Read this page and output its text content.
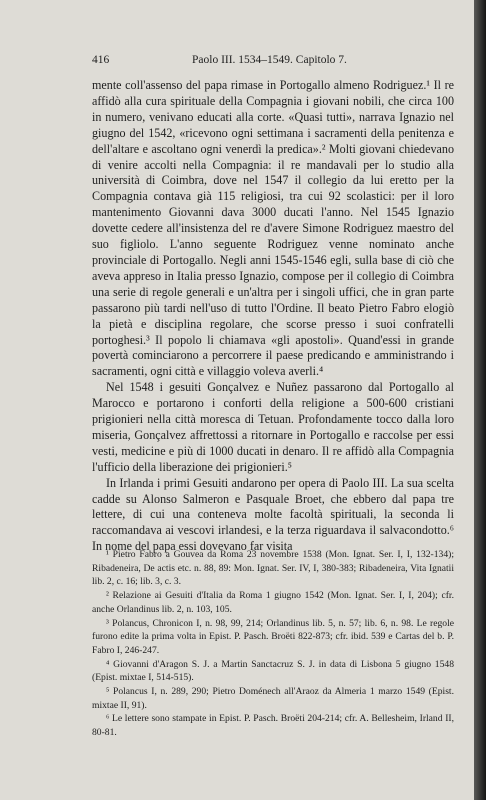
416	Paolo III. 1534–1549. Capitolo 7.

mente coll'assenso del papa rimase in Portogallo almeno Rodriguez.¹ Il re affidò alla cura spirituale della Compagnia i giovani nobili, che circa 100 in numero, venivano educati alla corte. «Quasi tutti», narrava Ignazio nel giugno del 1542, «ricevono ogni settimana i sacramenti della penitenza e dell'altare e ascoltano ogni venerdì la predica».² Molti giovani chiedevano di venire accolti nella Compagnia: il re mandavali per lo studio alla università di Coimbra, dove nel 1547 il collegio da lui eretto per la Compagnia contava già 115 religiosi, tra cui 92 scolastici: per il loro mantenimento Giovanni dava 3000 ducati l'anno. Nel 1545 Ignazio dovette cedere all'insistenza del re d'avere Simone Rodriguez maestro del suo figliolo. L'anno seguente Rodriguez venne nominato anche provinciale di Portogallo. Negli anni 1545-1546 egli, sulla base di ciò che aveva appreso in Italia presso Ignazio, compose per il collegio di Coimbra una serie di regole generali e un'altra per i singoli uffici, che in gran parte passarono più tardi nell'uso di tutto l'Ordine. Il beato Pietro Fabro elogiò la pietà e disciplina regolare, che scorse presso i suoi confratelli portoghesi.³ Il popolo li chiamava «gli apostoli». Quand'essi in grande povertà cominciarono a percorrere il paese predicando e amministrando i sacramenti, ogni città e villaggio voleva averli.⁴

Nel 1548 i gesuiti Gonçalvez e Nuñez passarono dal Portogallo al Marocco e portarono i conforti della religione a 500-600 cristiani prigionieri nella città moresca di Tetuan. Profondamente tocco dalla loro miseria, Gonçalvez affrettossi a ritornare in Portogallo e raccolse per essi vesti, medicine e più di 1000 ducati in denaro. Il re affidò alla Compagnia l'ufficio della liberazione dei prigionieri.⁵

In Irlanda i primi Gesuiti andarono per opera di Paolo III. La sua scelta cadde su Alonso Salmeron e Pasquale Broet, che ebbero dal papa tre lettere, di cui una conteneva molte facoltà spirituali, la seconda li raccomandava ai vescovi irlandesi, e la terza riguardava il salvacondotto.⁶ In nome del papa essi dovevano far visita

¹ Pietro Fabro a Gouvea da Roma 23 novembre 1538 (Mon. Ignat. Ser. I, I, 132-134); Ribadeneira, De actis etc. n. 88, 89: Mon. Ignat. Ser. IV, I, 380-383; Ribadeneira, Vita Ignatii lib. 2, c. 16; lib. 3, c. 3.

² Relazione ai Gesuiti d'Italia da Roma 1 giugno 1542 (Mon. Ignat. Ser. I, I, 204); cfr. anche Orlandinus lib. 2, n. 103, 105.

³ Polancus, Chronicon I, n. 98, 99, 214; Orlandinus lib. 5, n. 57; lib. 6, n. 98. Le regole furono edite la prima volta in Epist. P. Pasch. Broëti 822-873; cfr. ibid. 539 e Cartas del b. P. Fabro I, 246-247.

⁴ Giovanni d'Aragon S. J. a Martin Sanctacruz S. J. in data di Lisbona 5 giugno 1548 (Epist. mixtae I, 514-515).

⁵ Polancus I, n. 289, 290; Pietro Doménech all'Araoz da Almeria 1 marzo 1549 (Epist. mixtae II, 91).

⁶ Le lettere sono stampate in Epist. P. Pasch. Broëti 204-214; cfr. A. Bellesheim, Irland II, 80-81.
